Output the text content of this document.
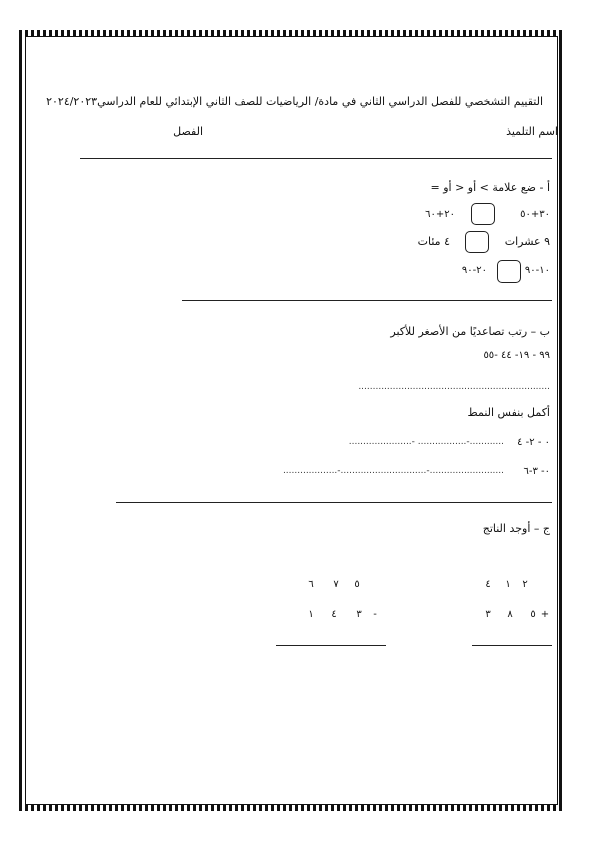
التقييم التشخصي للفصل الدراسي الثاني في مادة/ الرياضيات للصف الثاني الإبتدائي للعام الدراسي٢٠٢٤/٢٠٢٣
اسم التلميذ
الفصل
أ - ضع علامة > أو < أو =
٣٠+٥٠
٢٠+٦٠
٩ عشرات
٤ مئات
١٠-٩٠
٢٠-٩٠
ب – رتب تصاعديًا من الأصغر للأكبر
٩٩ - ١٩- ٤٤ -٥٥
...................................................................
أكمل بنفس النمط
٠ - ٢- ٤
............-................. -......................
٠- ٣-٦
..........................-..............................-...................
ج – أوجد الناتج
٢
١
٤
+
٥
٨
٣
٥
٧
٦
-
٣
٤
١
